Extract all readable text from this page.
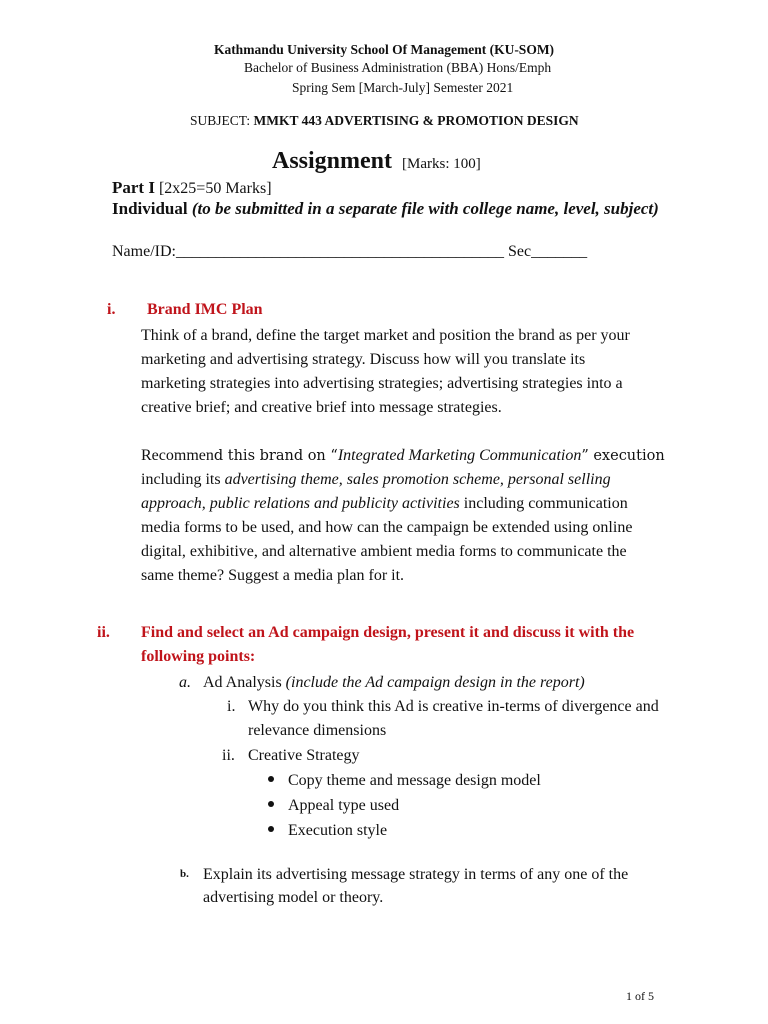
Kathmandu University School Of Management (KU-SOM)
Bachelor of Business Administration (BBA) Hons/Emph
Spring Sem [March-July] Semester 2021
SUBJECT: MMKT 443 ADVERTISING & PROMOTION DESIGN
Assignment [Marks: 100]
Part I [2x25=50 Marks]
Individual (to be submitted in a separate file with college name, level, subject)
Name/ID:_________________________________________ Sec_______
i. Brand IMC Plan
Think of a brand, define the target market and position the brand as per your
marketing and advertising strategy. Discuss how will you translate its
marketing strategies into advertising strategies; advertising strategies into a
creative brief; and creative brief into message strategies.
Recommend this brand on “Integrated Marketing Communication” execution
including its advertising theme, sales promotion scheme, personal selling
approach, public relations and publicity activities including communication
media forms to be used, and how can the campaign be extended using online
digital, exhibitive, and alternative ambient media forms to communicate the
same theme? Suggest a media plan for it.
ii. Find and select an Ad campaign design, present it and discuss it with the
following points:
a. Ad Analysis (include the Ad campaign design in the report)
i. Why do you think this Ad is creative in-terms of divergence and
relevance dimensions
ii. Creative Strategy
Copy theme and message design model
Appeal type used
Execution style
b. Explain its advertising message strategy in terms of any one of the
advertising model or theory.
1 of 5
